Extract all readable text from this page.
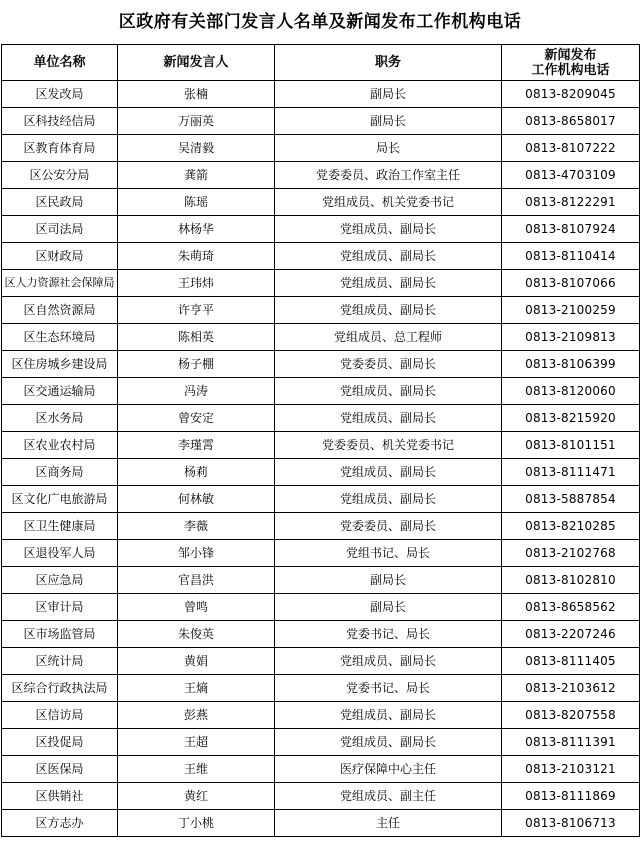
区政府有关部门发言人名单及新闻发布工作机构电话
单位名称	新闻发言人	职务	新闻发布
工作机构电话
区发改局	张楠	副局长	0813-8209045
区科技经信局	万丽英	副局长	0813-8658017
区教育体育局	吴清毅	局长	0813-8107222
区公安分局	龚箭	党委委员、政治工作室主任	0813-4703109
区民政局	陈瑶	党组成员、机关党委书记	0813-8122291
区司法局	林杨华	党组成员、副局长	0813-8107924
区财政局	朱萌琦	党组成员、副局长	0813-8110414
区人力资源社会保障局	王玮炜	党组成员、副局长	0813-8107066
区自然资源局	许亨平	党组成员、副局长	0813-2100259
区生态环境局	陈相英	党组成员、总工程师	0813-2109813
区住房城乡建设局	杨子棚	党委委员、副局长	0813-8106399
区交通运输局	冯涛	党组成员、副局长	0813-8120060
区水务局	曾安定	党组成员、副局长	0813-8215920
区农业农村局	李瑾霄	党委委员、机关党委书记	0813-8101151
区商务局	杨莉	党组成员、副局长	0813-8111471
区文化广电旅游局	何林敏	党组成员、副局长	0813-5887854
区卫生健康局	李薇	党委委员、副局长	0813-8210285
区退役军人局	邹小锋	党组书记、局长	0813-2102768
区应急局	官昌洪	副局长	0813-8102810
区审计局	曾鸣	副局长	0813-8658562
区市场监管局	朱俊英	党委书记、局长	0813-2207246
区统计局	黄娟	党组成员、副局长	0813-8111405
区综合行政执法局	王熵	党委书记、局长	0813-2103612
区信访局	彭燕	党组成员、副局长	0813-8207558
区投促局	王超	党组成员、副局长	0813-8111391
区医保局	王维	医疗保障中心主任	0813-2103121
区供销社	黄红	党组成员、副主任	0813-8111869
区方志办	丁小桃	主任	0813-8106713
